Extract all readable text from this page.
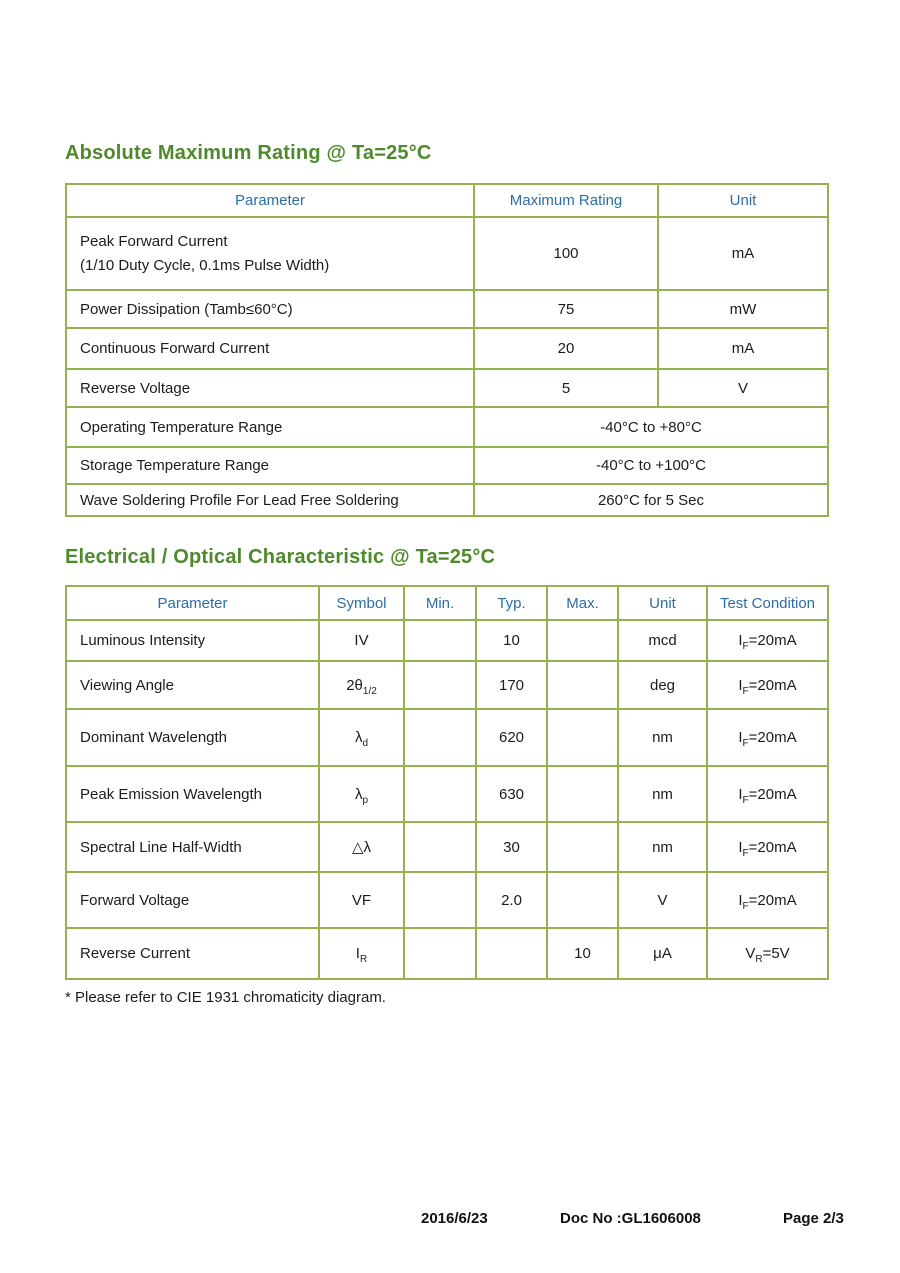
Absolute Maximum Rating @ Ta=25°C
Parameter	Maximum Rating	Unit

Peak Forward Current
(1/10 Duty Cycle, 0.1ms Pulse Width)	100	mA
Power Dissipation (Tamb≤60°C)	75	mW
Continuous Forward Current	20	mA
Reverse Voltage	5	V
Operating Temperature Range	-40°C to +80°C	
Storage Temperature Range	-40°C to +100°C	
Wave Soldering Profile For Lead Free Soldering	260°C for 5 Sec	
Electrical / Optical Characteristic @ Ta=25°C
Parameter	Symbol	Min.	Typ.	Max.	Unit	Test Condition
Luminous Intensity	IV		10		mcd	$I_F=20mA$
Viewing Angle	$2\theta_{1/2}$		170		deg	$I_F=20mA$
Dominant Wavelength	$\lambda_d$		620		nm	$I_F=20mA$
Peak Emission Wavelength	$\lambda_p$		630		nm	$I_F=20mA$
Spectral Line Half-Width	△λ		30		nm	$I_F=20mA$
Forward Voltage	VF		2.0		V	$I_F=20mA$
Reverse Current	$I_R$			10	μA	$V_R=5V$
* Please refer to CIE 1931 chromaticity diagram.
2016/6/23	Doc No :GL1606008	Page 2/3
